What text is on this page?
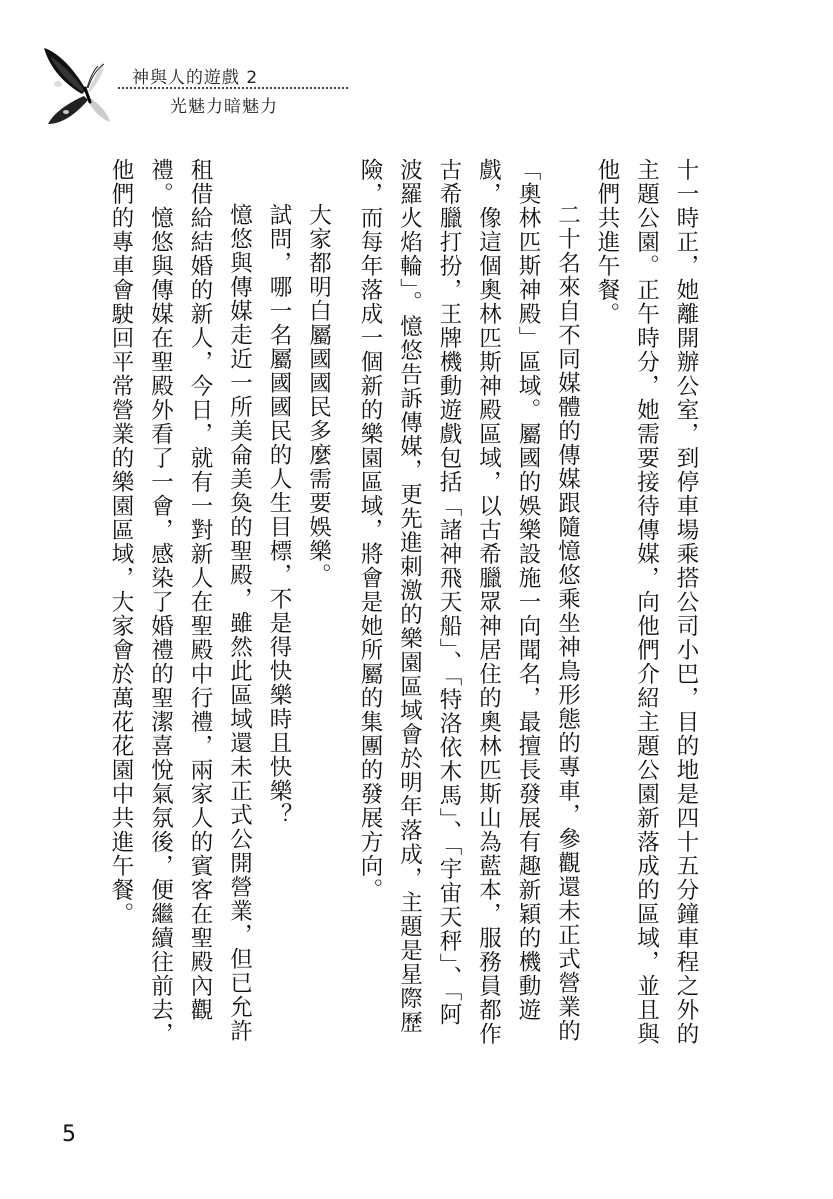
神與人的遊戲 2
光魅力暗魅力

十一時正，她離開辦公室，到停車場乘搭公司小巴，目的地是四十五分鐘車程之外的主題公園。正午時分，她需要接待傳媒，向他們介紹主題公園新落成的區域，並且與他們共進午餐。

二十名來自不同媒體的傳媒跟隨憶悠乘坐神鳥形態的專車，參觀還未正式營業的「奧林匹斯神殿」區域。屬國的娛樂設施一向聞名，最擅長發展有趣新穎的機動遊戲，像這個奧林匹斯神殿區域，以古希臘眾神居住的奧林匹斯山為藍本，服務員都作古希臘打扮，王牌機動遊戲包括「諸神飛天船」、「特洛依木馬」、「宇宙天秤」、「阿波羅火焰輪」。憶悠告訴傳媒，更先進刺激的樂園區域會於明年落成，主題是星際歷險，而每年落成一個新的樂園區域，將會是她所屬的集團的發展方向。

大家都明白屬國國民多麼需要娛樂。

試問，哪一名屬國國民的人生目標，不是得快樂時且快樂？

憶悠與傳媒走近一所美侖美奐的聖殿，雖然此區域還未正式公開營業，但已允許租借給結婚的新人，今日，就有一對新人在聖殿中行禮，兩家人的賓客在聖殿內觀禮。憶悠與傳媒在聖殿外看了一會，感染了婚禮的聖潔喜悅氣氛後，便繼續往前去，他們的專車會駛回平常營業的樂園區域，大家會於萬花花園中共進午餐。

5
